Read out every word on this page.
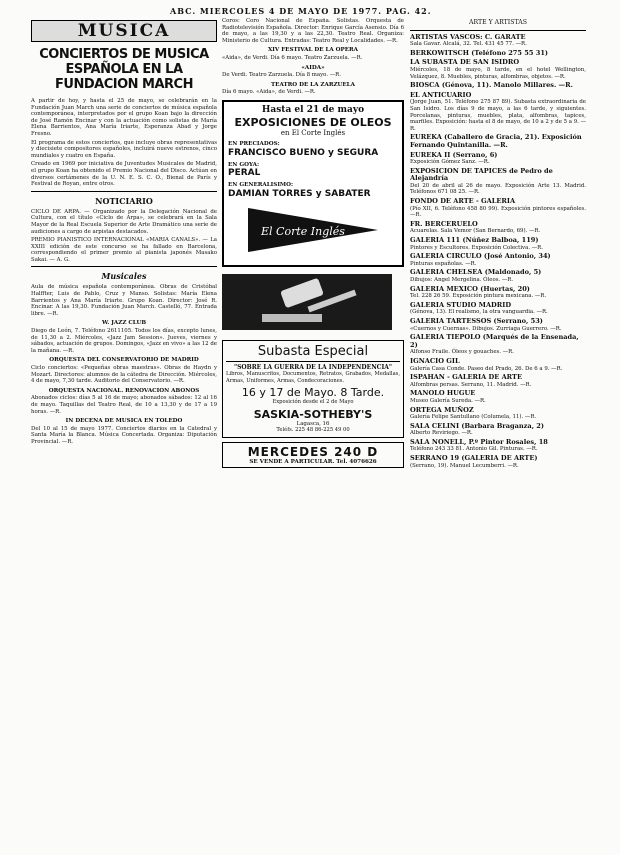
ABC. MIERCOLES 4 DE MAYO DE 1977. PAG. 42.
MUSICA
CONCIERTOS DE MUSICA ESPAÑOLA EN LA FUNDACION MARCH

A partir de hoy, y hasta el 25 de mayo, se celebrarán en la Fundación Juan March una serie de conciertos de música española contemporánea, interpretados por el grupo Koan bajo la dirección de José Ramón Encinar y con la actuación como solistas de María Elena Barrientos, Ana María Iriarte, Esperanza Abad y Jorge Fresno.

El programa de estos conciertos, que incluye obras representativas y diecisiete compositores españoles, incluirá nueve estrenos, cinco mundiales y cuatro en España.

Creado en 1969 por iniciativa de Juventudes Musicales de Madrid, el grupo Koan ha obtenido el Premio Nacional del Disco. Actúan en diversos certámenes de la U. N. E. S. C. O., Bienal de París y Festival de Royan, entre otros.

NOTICIARIO

CICLO DE ARPA. — Organizado por la Delegación Nacional de Cultura, con el título «Ciclo de Arpa», se celebrará en la Sala Mayor de la Real Escuela Superior de Arte Dramático una serie de audiciones a cargo de arpistas destacados.

PREMIO PIANISTICO INTERNACIONAL «MARIA CANALS». — La XXIII edición de este concurso se ha fallado en Barcelona, correspondiendo el primer premio al pianista japonés Masako Sakai. — A. G.

Musicales

Aula de música española contemporánea. Obras de Cristóbal Halffter, Luis de Pablo, Cruz y Manso. Solistas: María Elena Barrientos y Ana María Iriarte. Grupo Koan. Director: José R. Encinar. A las 19,30. Fundación Juan March. Castelló, 77. Entrada libre. —R.

W. JAZZ CLUB

Diego de León, 7. Teléfono 2611105. Todos los días, excepto lunes, de 11,30 a 2. Miércoles, «Jazz Jam Session». Jueves, viernes y sábados, actuación de grupos. Domingos, «Jazz en vivo» a las 12 de la mañana. —R.

ORQUESTA DEL CONSERVATORIO DE MADRID

Ciclo conciertos: «Pequeñas obras maestras». Obras de Haydn y Mozart. Directores: alumnos de la cátedra de Dirección. Miércoles, 4 de mayo, 7,30 tarde. Auditorio del Conservatorio. —R.

ORQUESTA NACIONAL. RENOVACION ABONOS

Abonados ciclos: días 5 al 16 de mayo; abonados sábados: 12 al 16 de mayo. Taquillas del Teatro Real, de 10 a 13,30 y de 17 a 19 horas. —R.

IN DECENA DE MUSICA EN TOLEDO

Del 10 al 15 de mayo 1977. Conciertos diarios en la Catedral y Santa María la Blanca. Música Concertada. Organiza: Diputación Provincial. —R.

Coros: Coro Nacional de España. Solistas. Orquesta de Radiotelevisión Española. Director: Enrique García Asensio. Día 6 de mayo, a las 19,30 y a las 22,30. Teatro Real. Organiza: Ministerio de Cultura. Entradas: Teatro Real y Localidades. —R.

XIV FESTIVAL DE LA OPERA

«Aida», de Verdi. Día 6 mayo. Teatro Zarzuela. —R.

«AIDA»

De Verdi. Teatro Zarzuela. Día 8 mayo. —R.

TEATRO DE LA ZARZUELA

Día 6 mayo. «Aida», de Verdi. —R.

Hasta el 21 de mayo
EXPOSICIONES DE OLEOS
en El Corte Inglés
EN PRECIADOS:
FRANCISCO BUENO y SEGURA
EN GOYA:
PERAL
EN GENERALISIMO:
DAMIAN TORRES y SABATER
El Corte Inglés
Subasta Especial
"SOBRE LA GUERRA DE LA INDEPENDENCIA"

Libros, Manuscritos, Documentos, Retratos, Grabados, Medallas, Armas, Uniformes, Armas, Condecoraciones.

16 y 17 de Mayo. 8 Tarde.
Exposición desde el 2 de Mayo
SASKIA-SOTHEBY'S
Lagasca, 16
Teléfs. 225 48 86-225 49 00
MERCEDES 240 D
SE VENDE A PARTICULAR. Tel. 4076626
ARTE Y ARTISTAS
ARTISTAS VASCOS: C. GARATE

Sala Gavar. Alcalá, 32. Tel. 431 45 77. —R.

BERKOWITSCH (Teléfono 275 55 31)
LA SUBASTA DE SAN ISIDRO

Miércoles, 18 de mayo, 8 tarde, en el hotel Wellington, Velázquez, 8. Muebles, pinturas, alfombras, objetos. —R.

BIOSCA (Génova, 11). Manolo Millares. —R.
EL ANTICUARIO

(Jorge Juan, 51. Teléfono 275 87 89). Subasta extraordinaria de San Isidro. Los días 9 de mayo, a las 6 tarde, y siguientes. Porcelanas, pinturas, muebles, plata, alfombras, tapices, marfiles. Exposición: hasta el 8 de mayo, de 10 a 2 y de 5 a 9. —R.

EUREKA (Caballero de Gracia, 21). Exposición Fernando Quintanilla. —R.
EUREKA II (Serrano, 6)

Exposición Gómez Sanz. —R.

EXPOSICION DE TAPICES de Pedro de Alejandría

Del 20 de abril al 26 de mayo. Exposición Arte 13. Madrid. Teléfonos 671 08 25. —R.

FONDO DE ARTE - GALERIA

(Pío XII, 6. Teléfono 458 80 99). Exposición pintores españoles. —R.

FR. BERCERUELO

Acuarelas. Sala Vemor (San Bernardo, 69). —R.

GALERIA 111 (Núñez Balboa, 119)

Pintores y Escultores. Exposición Colectiva. —R.

GALERIA CIRCULO (José Antonio, 34)

Pinturas españolas. —R.

GALERIA CHELSEA (Maldonado, 5)

Dibujos: Angel Mergelina. Óleos. —R.

GALERIA MEXICO (Huertas, 20)

Tel. 228 26 59. Exposición pintura mexicana. —R.

GALERIA STUDIO MADRID

(Génova, 13). El realismo, la otra vanguardia. —R.

GALERIA TARTESSOS (Serrano, 53)

«Cuernos y Cuernas». Dibujos. Zurriaga Guerrero. —R.

GALERIA TIEPOLO (Marqués de la Ensenada, 2)

Alfonso Fraile. Óleos y gouaches. —R.

IGNACIO GIL

Galería Casa Conde. Paseo del Prado, 26. De 6 a 9. —R.

ISPAHAN - GALERIA DE ARTE

Alfombras persas. Serrano, 11. Madrid. —R.

MANOLO HUGUE

Museo Galería Sureda. —R.

ORTEGA MUÑOZ

Galería Felipe Santullano (Columela, 11). —R.

SALA CELINI (Barbara Braganza, 2)

Alberto Reviriego. —R.

SALA NONELL, P.º Pintor Rosales, 18

Teléfono 243 33 81. Antonio Gil. Pinturas. —R.

SERRANO 19 (GALERIA DE ARTE)

(Serrano, 19). Manuel Lecumberri. —R.
